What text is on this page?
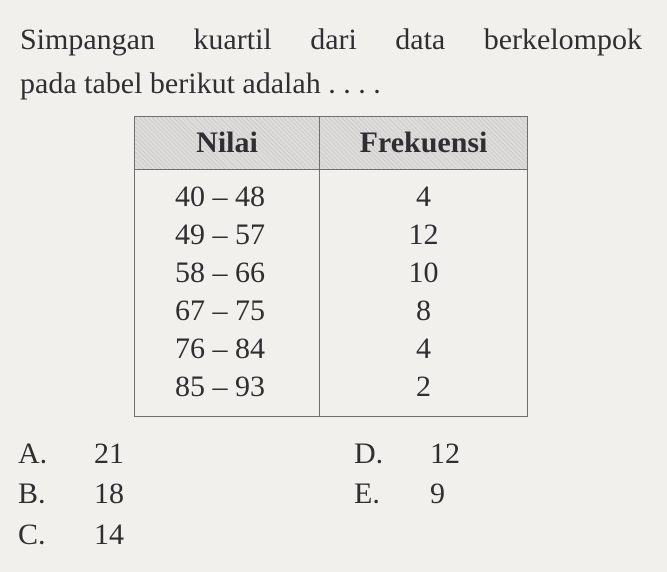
Simpangan kuartil dari data berkelompok
pada tabel berikut adalah . . . .
Nilai	Frekuensi
40 – 48	4
49 – 57	12
58 – 66	10
67 – 75	8
76 – 84	4
85 – 93	2
A. 21
B. 18
C. 14
D. 12
E. 9
